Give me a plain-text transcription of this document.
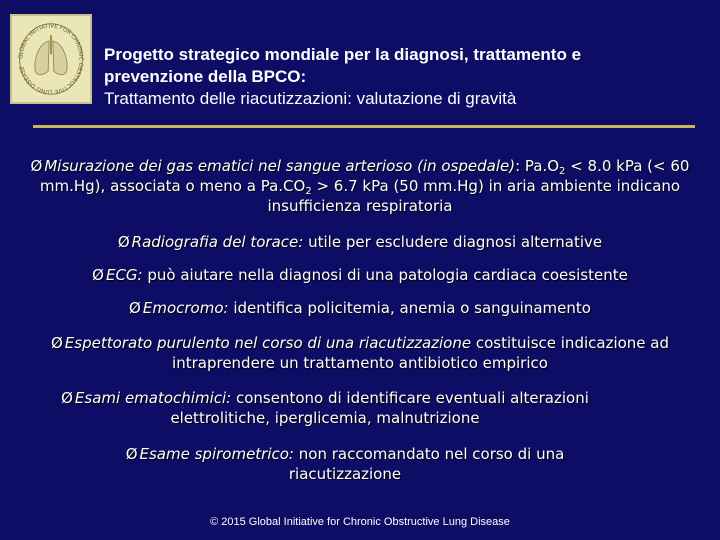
GLOBAL INITIATIVE FOR CHRONIC OBSTRUCTIVE LUNG DISEASE
Progetto strategico mondiale per la diagnosi, trattamento e
prevenzione della BPCO:
Trattamento delle riacutizzazioni: valutazione di gravità
Ø Misurazione dei gas ematici nel sangue arterioso (in ospedale): $Pa.O_2 < 8.0$ kPa (< 60 mm.Hg), associata o meno a $Pa.CO_2 > 6.7$ kPa (50 mm.Hg) in aria ambiente indicano insufficienza respiratoria
Ø Radiografia del torace: utile per escludere diagnosi alternative
Ø ECG: può aiutare nella diagnosi di una patologia cardiaca coesistente
Ø Emocromo: identifica policitemia, anemia o sanguinamento
Ø Espettorato purulento nel corso di una riacutizzazione costituisce indicazione ad intraprendere un trattamento antibiotico empirico
Ø Esami ematochimici: consentono di identificare eventuali alterazioni elettrolitiche, iperglicemia, malnutrizione
Ø Esame spirometrico: non raccomandato nel corso di una riacutizzazione
© 2015 Global Initiative for Chronic Obstructive Lung Disease
